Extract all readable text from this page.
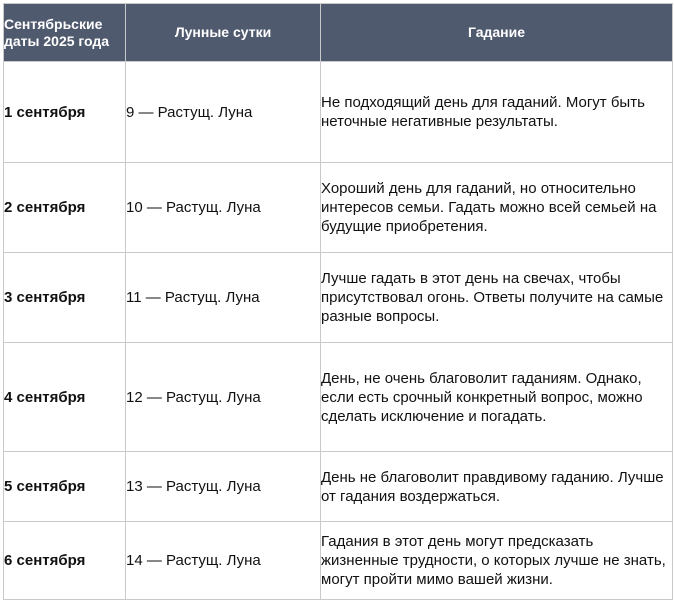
Сентябрьские даты 2025 года	Лунные сутки	Гадание
1 сентября	9 — Растущ. Луна	Не подходящий день для гаданий. Могут быть неточные негативные результаты.
2 сентября	10 — Растущ. Луна	Хороший день для гаданий, но относительно интересов семьи. Гадать можно всей семьей на будущие приобретения.
3 сентября	11 — Растущ. Луна	Лучше гадать в этот день на свечах, чтобы присутствовал огонь. Ответы получите на самые разные вопросы.
4 сентября	12 — Растущ. Луна	День, не очень благоволит гаданиям. Однако, если есть срочный конкретный вопрос, можно сделать исключение и погадать.
5 сентября	13 — Растущ. Луна	День не благоволит правдивому гаданию. Лучше от гадания воздержаться.
6 сентября	14 — Растущ. Луна	Гадания в этот день могут предсказать жизненные трудности, о которых лучше не знать, могут пройти мимо вашей жизни.
